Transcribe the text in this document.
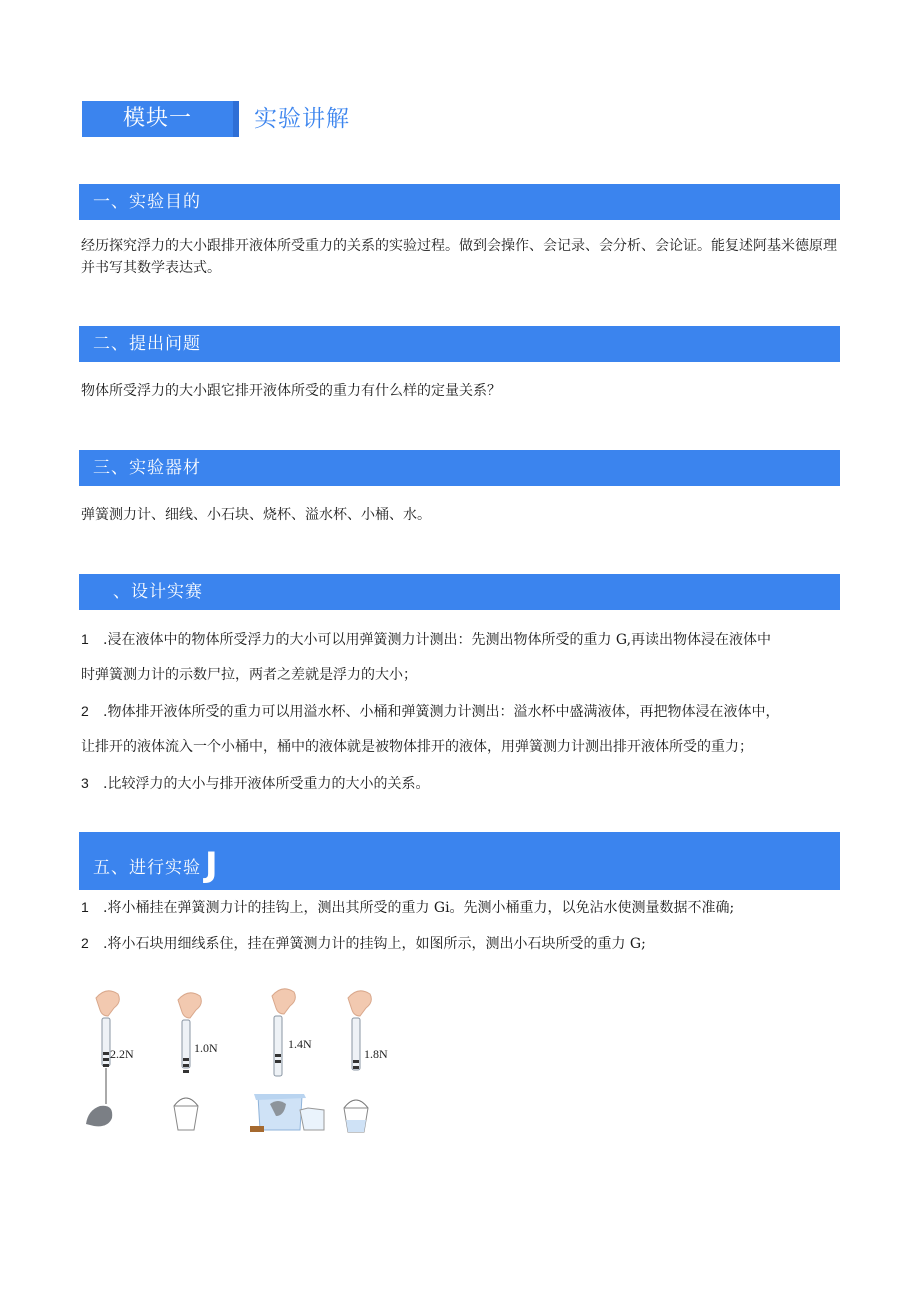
模块一	实验讲解
一、实验目的
经历探究浮力的大小跟排开液体所受重力的关系的实验过程。做到会操作、会记录、会分析、会论证。能复述阿基米德原理并书写其数学表达式。
二、提出问题
物体所受浮力的大小跟它排开液体所受的重力有什么样的定量关系？
三、实验器材
弹簧测力计、细线、小石块、烧杯、溢水杯、小桶、水。
、设计实赛
1 .浸在液体中的物体所受浮力的大小可以用弹簧测力计测出：先测出物体所受的重力 G,再读出物体浸在液体中
时弹簧测力计的示数尸拉，两者之差就是浮力的大小；
2 .物体排开液体所受的重力可以用溢水杯、小桶和弹簧测力计测出：溢水杯中盛满液体，再把物体浸在液体中，
让排开的液体流入一个小桶中，桶中的液体就是被物体排开的液体，用弹簧测力计测出排开液体所受的重力；
3 .比较浮力的大小与排开液体所受重力的大小的关系。
五、进行实验 J
1 .将小桶挂在弹簧测力计的挂钩上，测出其所受的重力 Gi。先测小桶重力，以免沾水使测量数据不准确;
2 .将小石块用细线系住，挂在弹簧测力计的挂钩上，如图所示，测出小石块所受的重力 G;
2.2N	1.0N	1.4N
1.8N
